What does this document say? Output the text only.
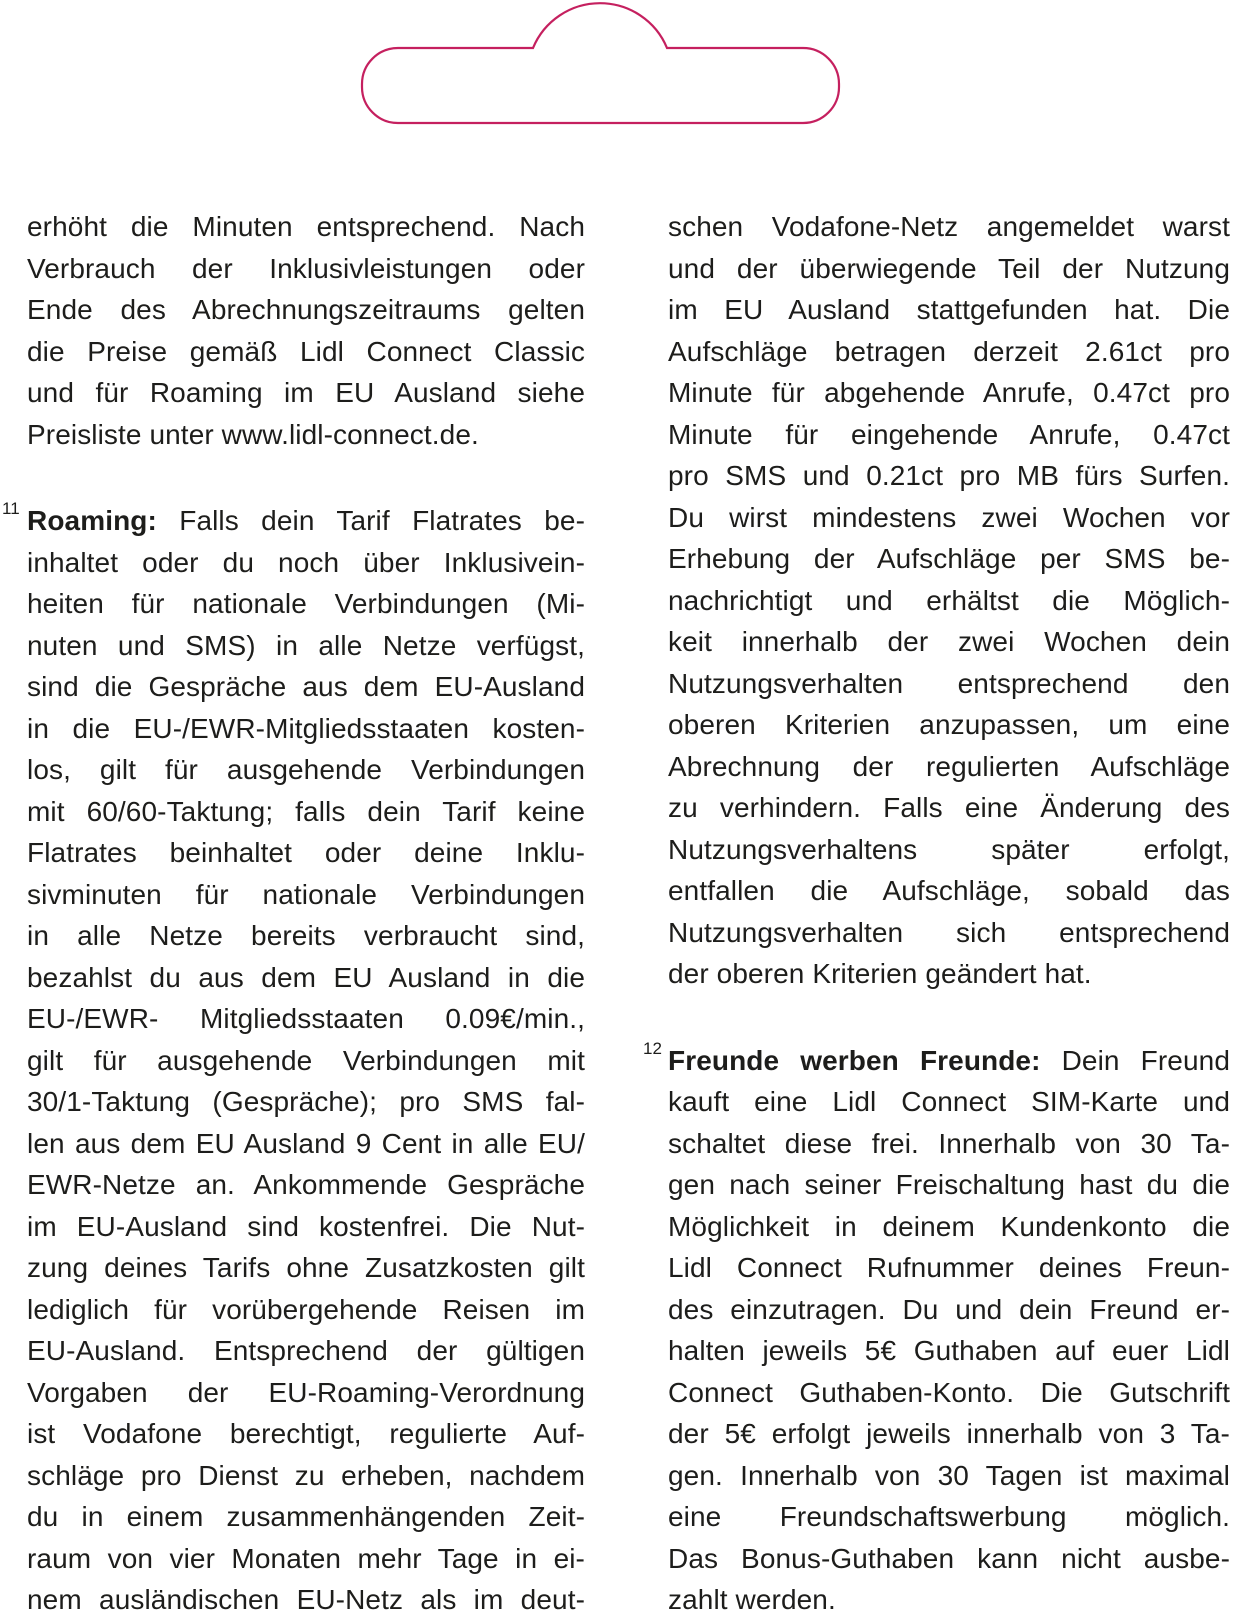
erhöht die Minuten entsprechend. Nach
Verbrauch der Inklusivleistungen oder
Ende des Abrechnungszeitraums gelten
die Preise gemäß Lidl Connect Classic
und für Roaming im EU Ausland siehe
Preisliste unter www.lidl-connect.de.
11 Roaming: Falls dein Tarif Flatrates be-
inhaltet oder du noch über Inklusivein-
heiten für nationale Verbindungen (Mi-
nuten und SMS) in alle Netze verfügst,
sind die Gespräche aus dem EU-Ausland
in die EU-/EWR-Mitgliedsstaaten kosten-
los, gilt für ausgehende Verbindungen
mit 60/60-Taktung; falls dein Tarif keine
Flatrates beinhaltet oder deine Inklu-
sivminuten für nationale Verbindungen
in alle Netze bereits verbraucht sind,
bezahlst du aus dem EU Ausland in die
EU-/EWR- Mitgliedsstaaten 0.09€/min.,
gilt für ausgehende Verbindungen mit
30/1-Taktung (Gespräche); pro SMS fal-
len aus dem EU Ausland 9 Cent in alle EU/
EWR-Netze an. Ankommende Gespräche
im EU-Ausland sind kostenfrei. Die Nut-
zung deines Tarifs ohne Zusatzkosten gilt
lediglich für vorübergehende Reisen im
EU-Ausland. Entsprechend der gültigen
Vorgaben der EU-Roaming-Verordnung
ist Vodafone berechtigt, regulierte Auf-
schläge pro Dienst zu erheben, nachdem
du in einem zusammenhängenden Zeit-
raum von vier Monaten mehr Tage in ei-
nem ausländischen EU-Netz als im deut-
schen Vodafone-Netz angemeldet warst
und der überwiegende Teil der Nutzung
im EU Ausland stattgefunden hat. Die
Aufschläge betragen derzeit 2.61ct pro
Minute für abgehende Anrufe, 0.47ct pro
Minute für eingehende Anrufe, 0.47ct
pro SMS und 0.21ct pro MB fürs Surfen.
Du wirst mindestens zwei Wochen vor
Erhebung der Aufschläge per SMS be-
nachrichtigt und erhältst die Möglich-
keit innerhalb der zwei Wochen dein
Nutzungsverhalten entsprechend den
oberen Kriterien anzupassen, um eine
Abrechnung der regulierten Aufschläge
zu verhindern. Falls eine Änderung des
Nutzungsverhaltens später erfolgt,
entfallen die Aufschläge, sobald das
Nutzungsverhalten sich entsprechend
der oberen Kriterien geändert hat.
12 Freunde werben Freunde: Dein Freund
kauft eine Lidl Connect SIM-Karte und
schaltet diese frei. Innerhalb von 30 Ta-
gen nach seiner Freischaltung hast du die
Möglichkeit in deinem Kundenkonto die
Lidl Connect Rufnummer deines Freun-
des einzutragen. Du und dein Freund er-
halten jeweils 5€ Guthaben auf euer Lidl
Connect Guthaben-Konto. Die Gutschrift
der 5€ erfolgt jeweils innerhalb von 3 Ta-
gen. Innerhalb von 30 Tagen ist maximal
eine Freundschaftswerbung möglich.
Das Bonus-Guthaben kann nicht ausbe-
zahlt werden.
